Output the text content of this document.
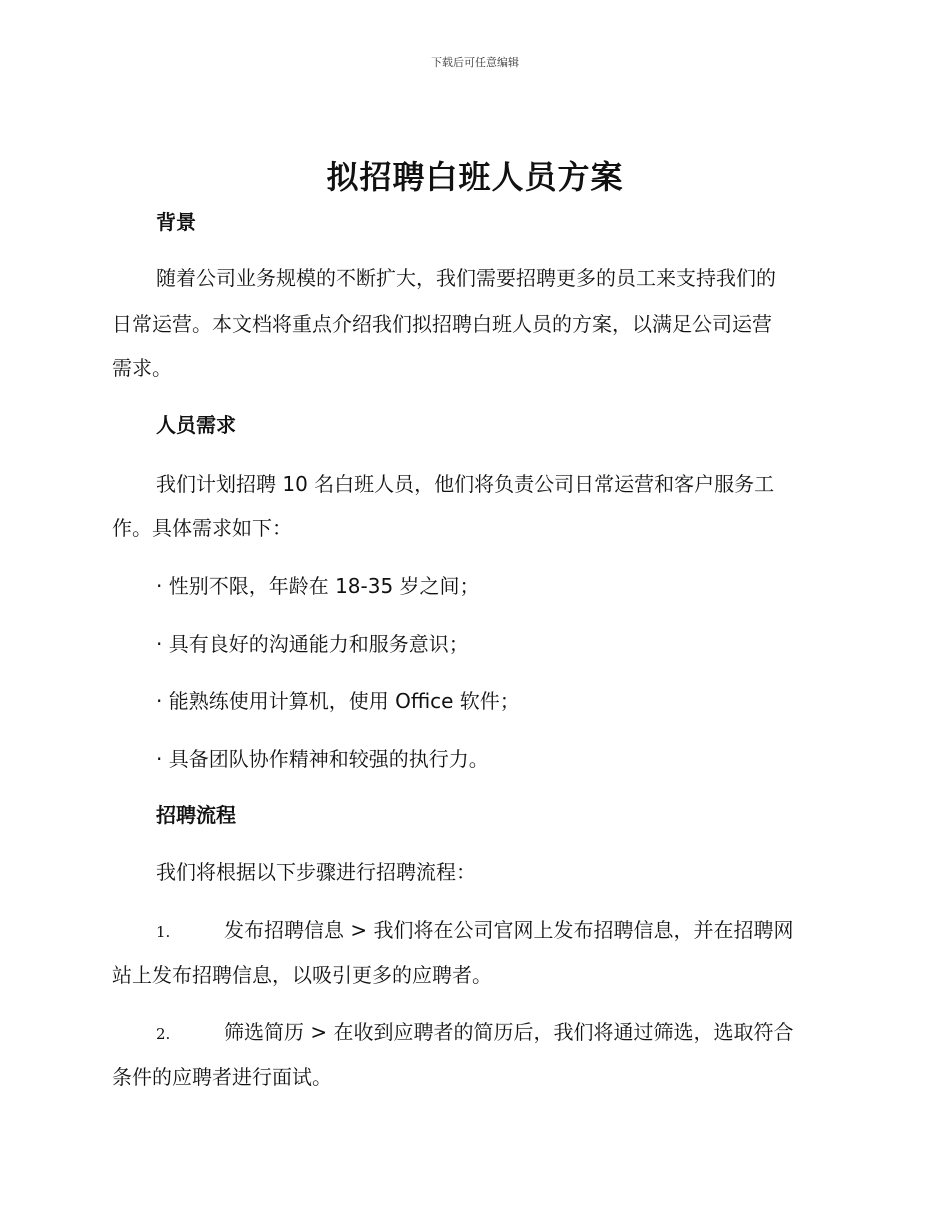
下载后可任意编辑
拟招聘白班人员方案
背景
随着公司业务规模的不断扩大，我们需要招聘更多的员工来支持我们的
日常运营。本文档将重点介绍我们拟招聘白班人员的方案，以满足公司运营
需求。
人员需求
我们计划招聘 10 名白班人员，他们将负责公司日常运营和客户服务工
作。具体需求如下：
· 性别不限，年龄在 18-35 岁之间；
· 具有良好的沟通能力和服务意识；
· 能熟练使用计算机，使用 Office 软件；
· 具备团队协作精神和较强的执行力。
招聘流程
我们将根据以下步骤进行招聘流程：
1.	发布招聘信息 > 我们将在公司官网上发布招聘信息，并在招聘网
站上发布招聘信息，以吸引更多的应聘者。
2.	筛选简历 > 在收到应聘者的简历后，我们将通过筛选，选取符合
条件的应聘者进行面试。
